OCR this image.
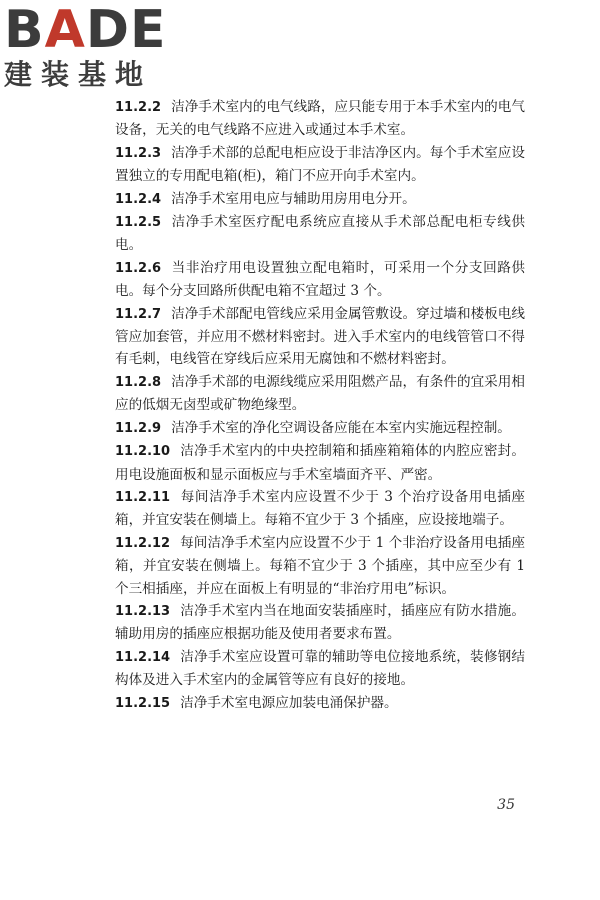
BADE
建装基地

11.2.2 洁净手术室内的电气线路，应只能专用于本手术室内的电气设备，无关的电气线路不应进入或通过本手术室。

11.2.3 洁净手术部的总配电柜应设于非洁净区内。每个手术室应设置独立的专用配电箱(柜)，箱门不应开向手术室内。

11.2.4 洁净手术室用电应与辅助用房用电分开。

11.2.5 洁净手术室医疗配电系统应直接从手术部总配电柜专线供电。

11.2.6 当非治疗用电设置独立配电箱时，可采用一个分支回路供电。每个分支回路所供配电箱不宜超过 3 个。

11.2.7 洁净手术部配电管线应采用金属管敷设。穿过墙和楼板电线管应加套管，并应用不燃材料密封。进入手术室内的电线管管口不得有毛刺，电线管在穿线后应采用无腐蚀和不燃材料密封。

11.2.8 洁净手术部的电源线缆应采用阻燃产品，有条件的宜采用相应的低烟无卤型或矿物绝缘型。

11.2.9 洁净手术室的净化空调设备应能在本室内实施远程控制。

11.2.10 洁净手术室内的中央控制箱和插座箱箱体的内腔应密封。用电设施面板和显示面板应与手术室墙面齐平、严密。

11.2.11 每间洁净手术室内应设置不少于 3 个治疗设备用电插座箱，并宜安装在侧墙上。每箱不宜少于 3 个插座，应设接地端子。

11.2.12 每间洁净手术室内应设置不少于 1 个非治疗设备用电插座箱，并宜安装在侧墙上。每箱不宜少于 3 个插座，其中应至少有 1 个三相插座，并应在面板上有明显的“非治疗用电”标识。

11.2.13 洁净手术室内当在地面安装插座时，插座应有防水措施。辅助用房的插座应根据功能及使用者要求布置。

11.2.14 洁净手术室应设置可靠的辅助等电位接地系统，装修钢结构体及进入手术室内的金属管等应有良好的接地。

11.2.15 洁净手术室电源应加装电涌保护器。

35
